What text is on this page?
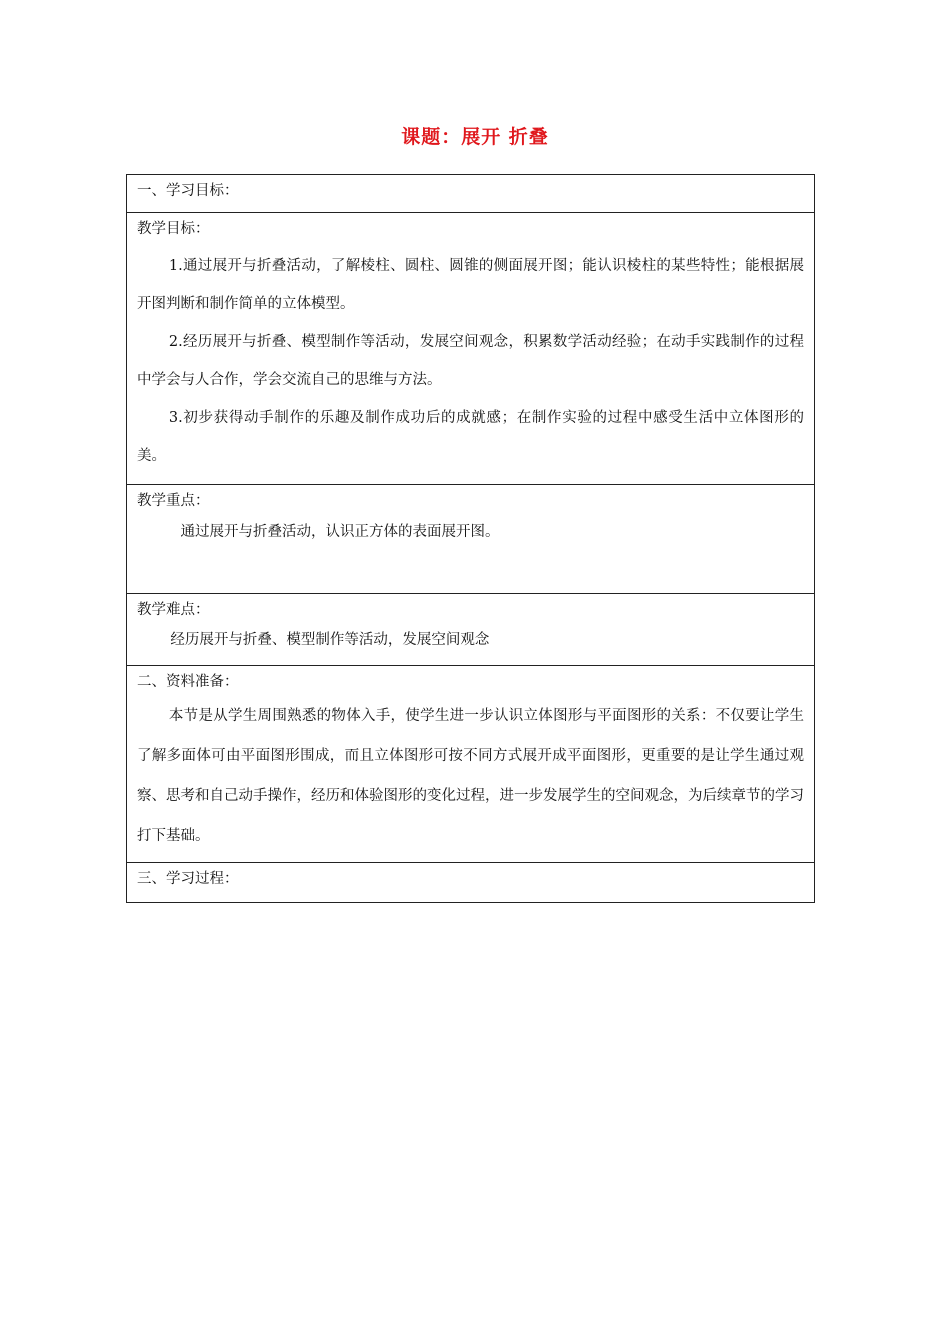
课题：展开 折叠
一、学习目标：
教学目标：
1.通过展开与折叠活动，了解棱柱、圆柱、圆锥的侧面展开图；能认识棱柱的某些特性；能根据展开图判断和制作简单的立体模型。
2.经历展开与折叠、模型制作等活动，发展空间观念，积累数学活动经验；在动手实践制作的过程中学会与人合作，学会交流自己的思维与方法。
3.初步获得动手制作的乐趣及制作成功后的成就感；在制作实验的过程中感受生活中立体图形的美。
教学重点：
通过展开与折叠活动，认识正方体的表面展开图。
教学难点：
经历展开与折叠、模型制作等活动，发展空间观念
二、资料准备：
本节是从学生周围熟悉的物体入手，使学生进一步认识立体图形与平面图形的关系：不仅要让学生了解多面体可由平面图形围成，而且立体图形可按不同方式展开成平面图形，更重要的是让学生通过观察、思考和自己动手操作，经历和体验图形的变化过程，进一步发展学生的空间观念，为后续章节的学习打下基础。
三、学习过程：
